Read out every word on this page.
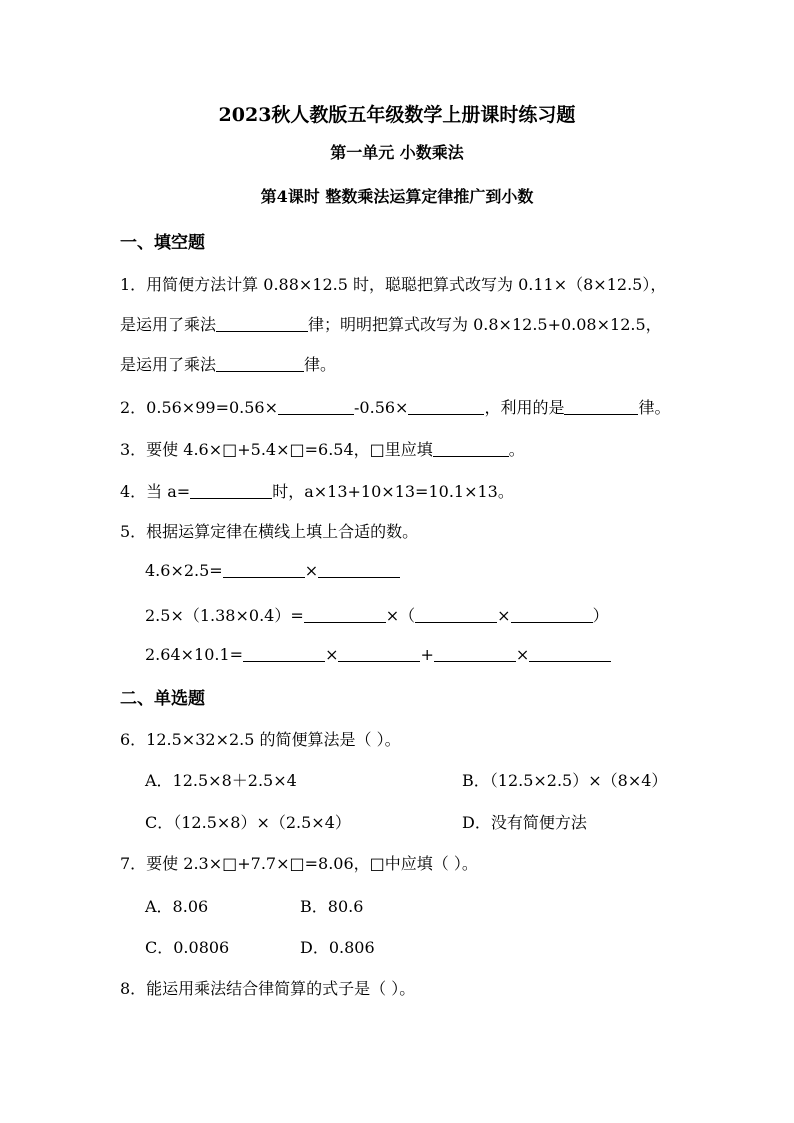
2023秋人教版五年级数学上册课时练习题
第一单元 小数乘法
第4课时 整数乘法运算定律推广到小数
一、填空题
1．用简便方法计算 0.88×12.5 时，聪聪把算式改写为 0.11×（8×12.5），
是运用了乘法	律；明明把算式改写为 0.8×12.5+0.08×12.5，
是运用了乘法	律。
2．0.56×99=0.56×	-0.56×	，利用的是	律。
3．要使 4.6×□+5.4×□=6.54，□里应填	。
4．当 a=	时，a×13+10×13=10.1×13。
5．根据运算定律在横线上填上合适的数。
4.6×2.5=	×
2.5×（1.38×0.4）=	×（	×	）
2.64×10.1=	×	+	×
二、单选题
6．12.5×32×2.5 的简便算法是（ ）。
A．12.5×8＋2.5×4	B．（12.5×2.5）×（8×4）
C．（12.5×8）×（2.5×4）	D．没有简便方法
7．要使 2.3×□+7.7×□=8.06，□中应填（ ）。
A．8.06	B．80.6
C．0.0806	D．0.806
8．能运用乘法结合律简算的式子是（ ）。
